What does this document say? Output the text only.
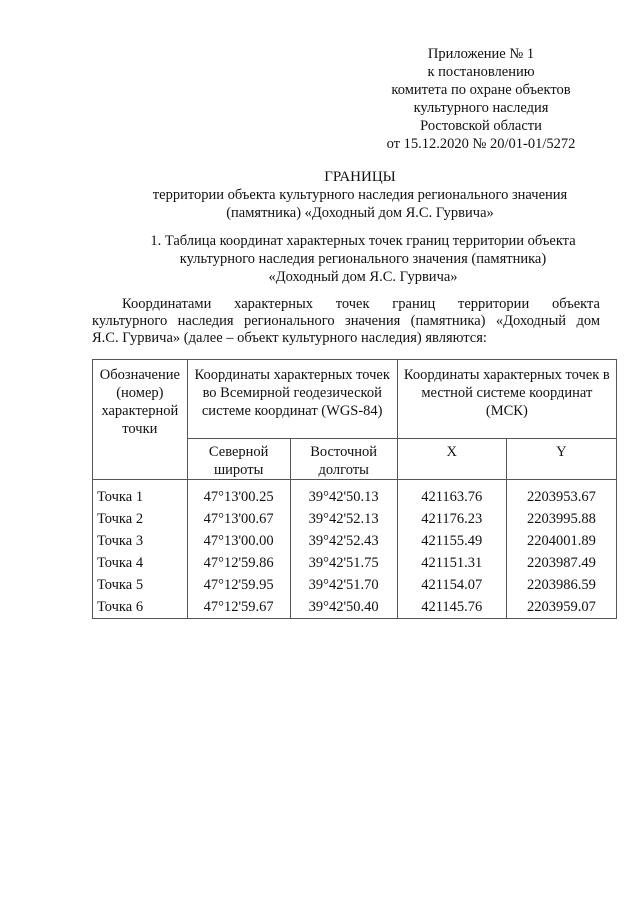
Приложение № 1
к постановлению
комитета по охране объектов
культурного наследия
Ростовской области
от 15.12.2020 № 20/01-01/5272
ГРАНИЦЫ
территории объекта культурного наследия регионального значения
(памятника) «Доходный дом Я.С. Гурвича»
1. Таблица координат характерных точек границ территории объекта
культурного наследия регионального значения (памятника)
«Доходный дом Я.С. Гурвича»
Координатами характерных точек границ территории объекта
культурного наследия регионального значения (памятника) «Доходный дом
Я.С. Гурвича» (далее – объект культурного наследия) являются:
Обозначение (номер) характерной точки	Координаты характерных точек во Всемирной геодезической системе координат (WGS-84)		Координаты характерных точек в местной системе координат (МСК)	
	Северной широты	Восточной долготы	X	Y
Точка 1	47°13'00.25	39°42'50.13	421163.76	2203953.67
Точка 2	47°13'00.67	39°42'52.13	421176.23	2203995.88
Точка 3	47°13'00.00	39°42'52.43	421155.49	2204001.89
Точка 4	47°12'59.86	39°42'51.75	421151.31	2203987.49
Точка 5	47°12'59.95	39°42'51.70	421154.07	2203986.59
Точка 6	47°12'59.67	39°42'50.40	421145.76	2203959.07
